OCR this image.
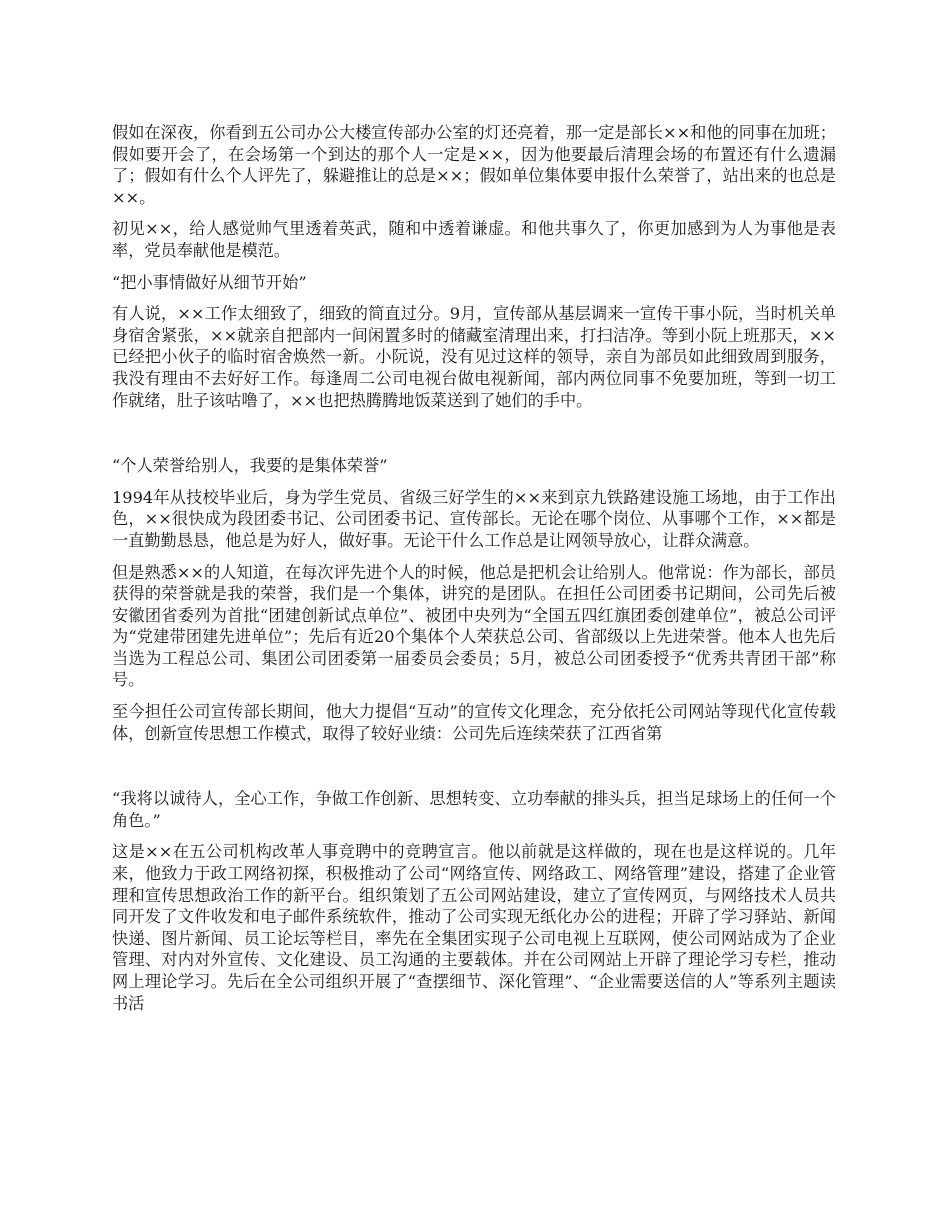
假如在深夜，你看到五公司办公大楼宣传部办公室的灯还亮着，那一定是部长××和他的同事在加班；假如要开会了，在会场第一个到达的那个人一定是××，因为他要最后清理会场的布置还有什么遗漏了；假如有什么个人评先了，躲避推让的总是××；假如单位集体要申报什么荣誉了，站出来的也总是××。

初见××，给人感觉帅气里透着英武，随和中透着谦虚。和他共事久了，你更加感到为人为事他是表率，党员奉献他是模范。

“把小事情做好从细节开始”

有人说，××工作太细致了，细致的简直过分。9月，宣传部从基层调来一宣传干事小阮，当时机关单身宿舍紧张，××就亲自把部内一间闲置多时的储藏室清理出来，打扫洁净。等到小阮上班那天，××已经把小伙子的临时宿舍焕然一新。小阮说，没有见过这样的领导，亲自为部员如此细致周到服务，我没有理由不去好好工作。每逢周二公司电视台做电视新闻，部内两位同事不免要加班，等到一切工作就绪，肚子该咕噜了，××也把热腾腾地饭菜送到了她们的手中。

“个人荣誉给别人，我要的是集体荣誉”

1994年从技校毕业后，身为学生党员、省级三好学生的××来到京九铁路建设施工场地，由于工作出色，××很快成为段团委书记、公司团委书记、宣传部长。无论在哪个岗位、从事哪个工作，××都是一直勤勤恳恳，他总是为好人，做好事。无论干什么工作总是让网领导放心，让群众满意。

但是熟悉××的人知道，在每次评先进个人的时候，他总是把机会让给别人。他常说：作为部长，部员获得的荣誉就是我的荣誉，我们是一个集体，讲究的是团队。在担任公司团委书记期间，公司先后被安徽团省委列为首批“团建创新试点单位”、被团中央列为“全国五四红旗团委创建单位”，被总公司评为“党建带团建先进单位”；先后有近20个集体个人荣获总公司、省部级以上先进荣誉。他本人也先后当选为工程总公司、集团公司团委第一届委员会委员；5月，被总公司团委授予“优秀共青团干部”称号。

至今担任公司宣传部长期间，他大力提倡“互动”的宣传文化理念，充分依托公司网站等现代化宣传载体，创新宣传思想工作模式，取得了较好业绩：公司先后连续荣获了江西省第

“我将以诚待人，全心工作，争做工作创新、思想转变、立功奉献的排头兵，担当足球场上的任何一个角色。”

这是××在五公司机构改革人事竞聘中的竞聘宣言。他以前就是这样做的，现在也是这样说的。几年来，他致力于政工网络初探，积极推动了公司“网络宣传、网络政工、网络管理”建设，搭建了企业管理和宣传思想政治工作的新平台。组织策划了五公司网站建设，建立了宣传网页，与网络技术人员共同开发了文件收发和电子邮件系统软件，推动了公司实现无纸化办公的进程；开辟了学习驿站、新闻快递、图片新闻、员工论坛等栏目，率先在全集团实现子公司电视上互联网，使公司网站成为了企业管理、对内对外宣传、文化建设、员工沟通的主要载体。并在公司网站上开辟了理论学习专栏，推动网上理论学习。先后在全公司组织开展了“查摆细节、深化管理”、“企业需要送信的人”等系列主题读书活
